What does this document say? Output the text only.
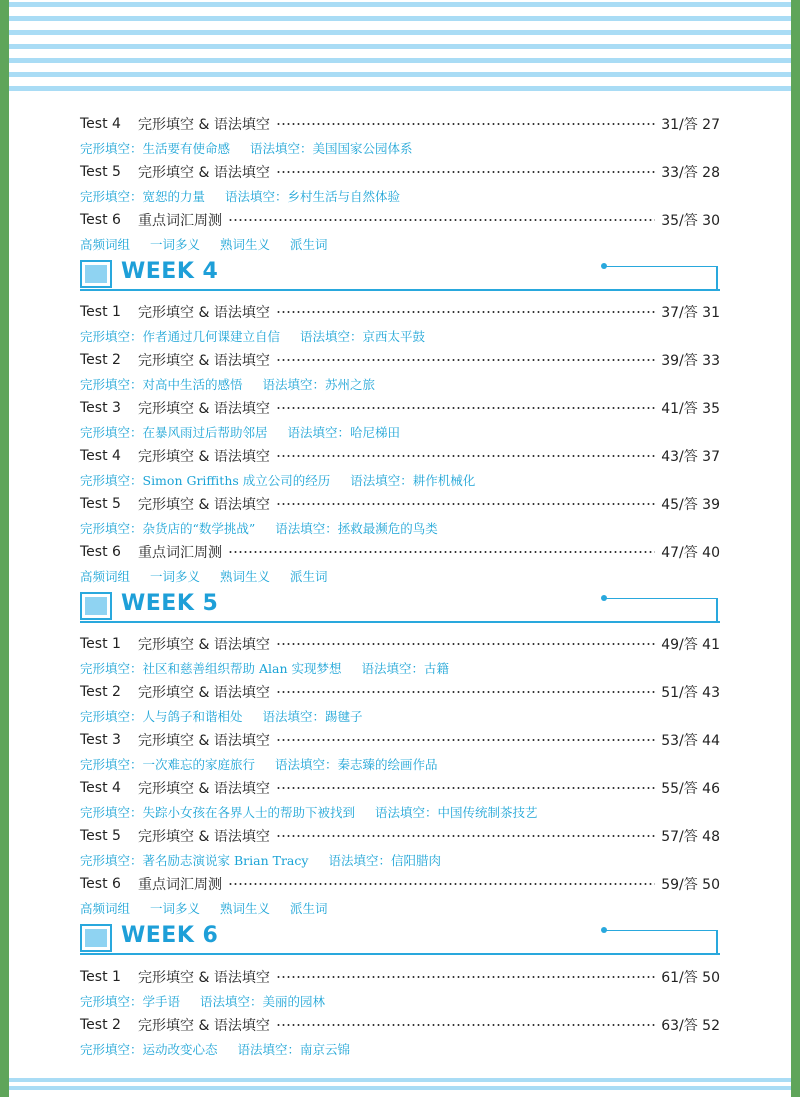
Test 4	完形填空 & 语法填空	31/答 27
完形填空：生活要有使命感 语法填空：美国国家公园体系
Test 5	完形填空 & 语法填空	33/答 28
完形填空：宽恕的力量 语法填空：乡村生活与自然体验
Test 6	重点词汇周测	35/答 30
高频词组 一词多义 熟词生义 派生词
WEEK 4
Test 1	完形填空 & 语法填空	37/答 31
完形填空：作者通过几何课建立自信 语法填空：京西太平鼓
Test 2	完形填空 & 语法填空	39/答 33
完形填空：对高中生活的感悟 语法填空：苏州之旅
Test 3	完形填空 & 语法填空	41/答 35
完形填空：在暴风雨过后帮助邻居 语法填空：哈尼梯田
Test 4	完形填空 & 语法填空	43/答 37
完形填空：Simon Griffiths 成立公司的经历 语法填空：耕作机械化
Test 5	完形填空 & 语法填空	45/答 39
完形填空：杂货店的“数学挑战” 语法填空：拯救最濒危的鸟类
Test 6	重点词汇周测	47/答 40
高频词组 一词多义 熟词生义 派生词
WEEK 5
Test 1	完形填空 & 语法填空	49/答 41
完形填空：社区和慈善组织帮助 Alan 实现梦想 语法填空：古籍
Test 2	完形填空 & 语法填空	51/答 43
完形填空：人与鸽子和谐相处 语法填空：踢毽子
Test 3	完形填空 & 语法填空	53/答 44
完形填空：一次难忘的家庭旅行 语法填空：秦志臻的绘画作品
Test 4	完形填空 & 语法填空	55/答 46
完形填空：失踪小女孩在各界人士的帮助下被找到 语法填空：中国传统制茶技艺
Test 5	完形填空 & 语法填空	57/答 48
完形填空：著名励志演说家 Brian Tracy 语法填空：信阳腊肉
Test 6	重点词汇周测	59/答 50
高频词组 一词多义 熟词生义 派生词
WEEK 6
Test 1	完形填空 & 语法填空	61/答 50
完形填空：学手语 语法填空：美丽的园林
Test 2	完形填空 & 语法填空	63/答 52
完形填空：运动改变心态 语法填空：南京云锦
